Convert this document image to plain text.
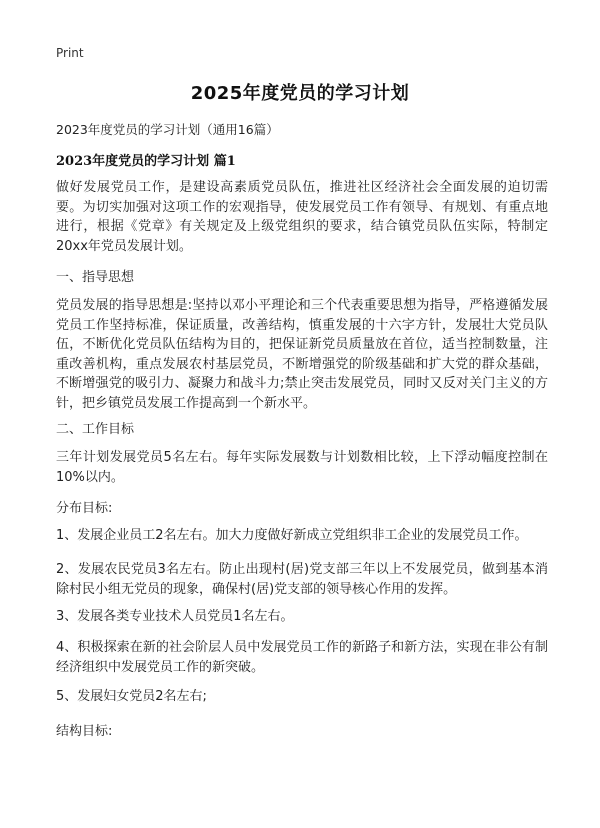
Print
2025年度党员的学习计划
2023年度党员的学习计划（通用16篇）
2023年度党员的学习计划 篇1
做好发展党员工作，是建设高素质党员队伍，推进社区经济社会全面发展的迫切需要。为切实加强对这项工作的宏观指导，使发展党员工作有领导、有规划、有重点地进行，根据《党章》有关规定及上级党组织的要求，结合镇党员队伍实际，特制定20xx年党员发展计划。
一、指导思想
党员发展的指导思想是:坚持以邓小平理论和三个代表重要思想为指导，严格遵循发展党员工作坚持标准，保证质量，改善结构，慎重发展的十六字方针，发展壮大党员队伍，不断优化党员队伍结构为目的，把保证新党员质量放在首位，适当控制数量，注重改善机构，重点发展农村基层党员，不断增强党的阶级基础和扩大党的群众基础，不断增强党的吸引力、凝聚力和战斗力;禁止突击发展党员，同时又反对关门主义的方针，把乡镇党员发展工作提高到一个新水平。
二、工作目标
三年计划发展党员5名左右。每年实际发展数与计划数相比较，上下浮动幅度控制在10%以内。
分布目标:
1、发展企业员工2名左右。加大力度做好新成立党组织非工企业的发展党员工作。
2、发展农民党员3名左右。防止出现村(居)党支部三年以上不发展党员，做到基本消除村民小组无党员的现象，确保村(居)党支部的领导核心作用的发挥。
3、发展各类专业技术人员党员1名左右。
4、积极探索在新的社会阶层人员中发展党员工作的新路子和新方法，实现在非公有制经济组织中发展党员工作的新突破。
5、发展妇女党员2名左右;
结构目标:
